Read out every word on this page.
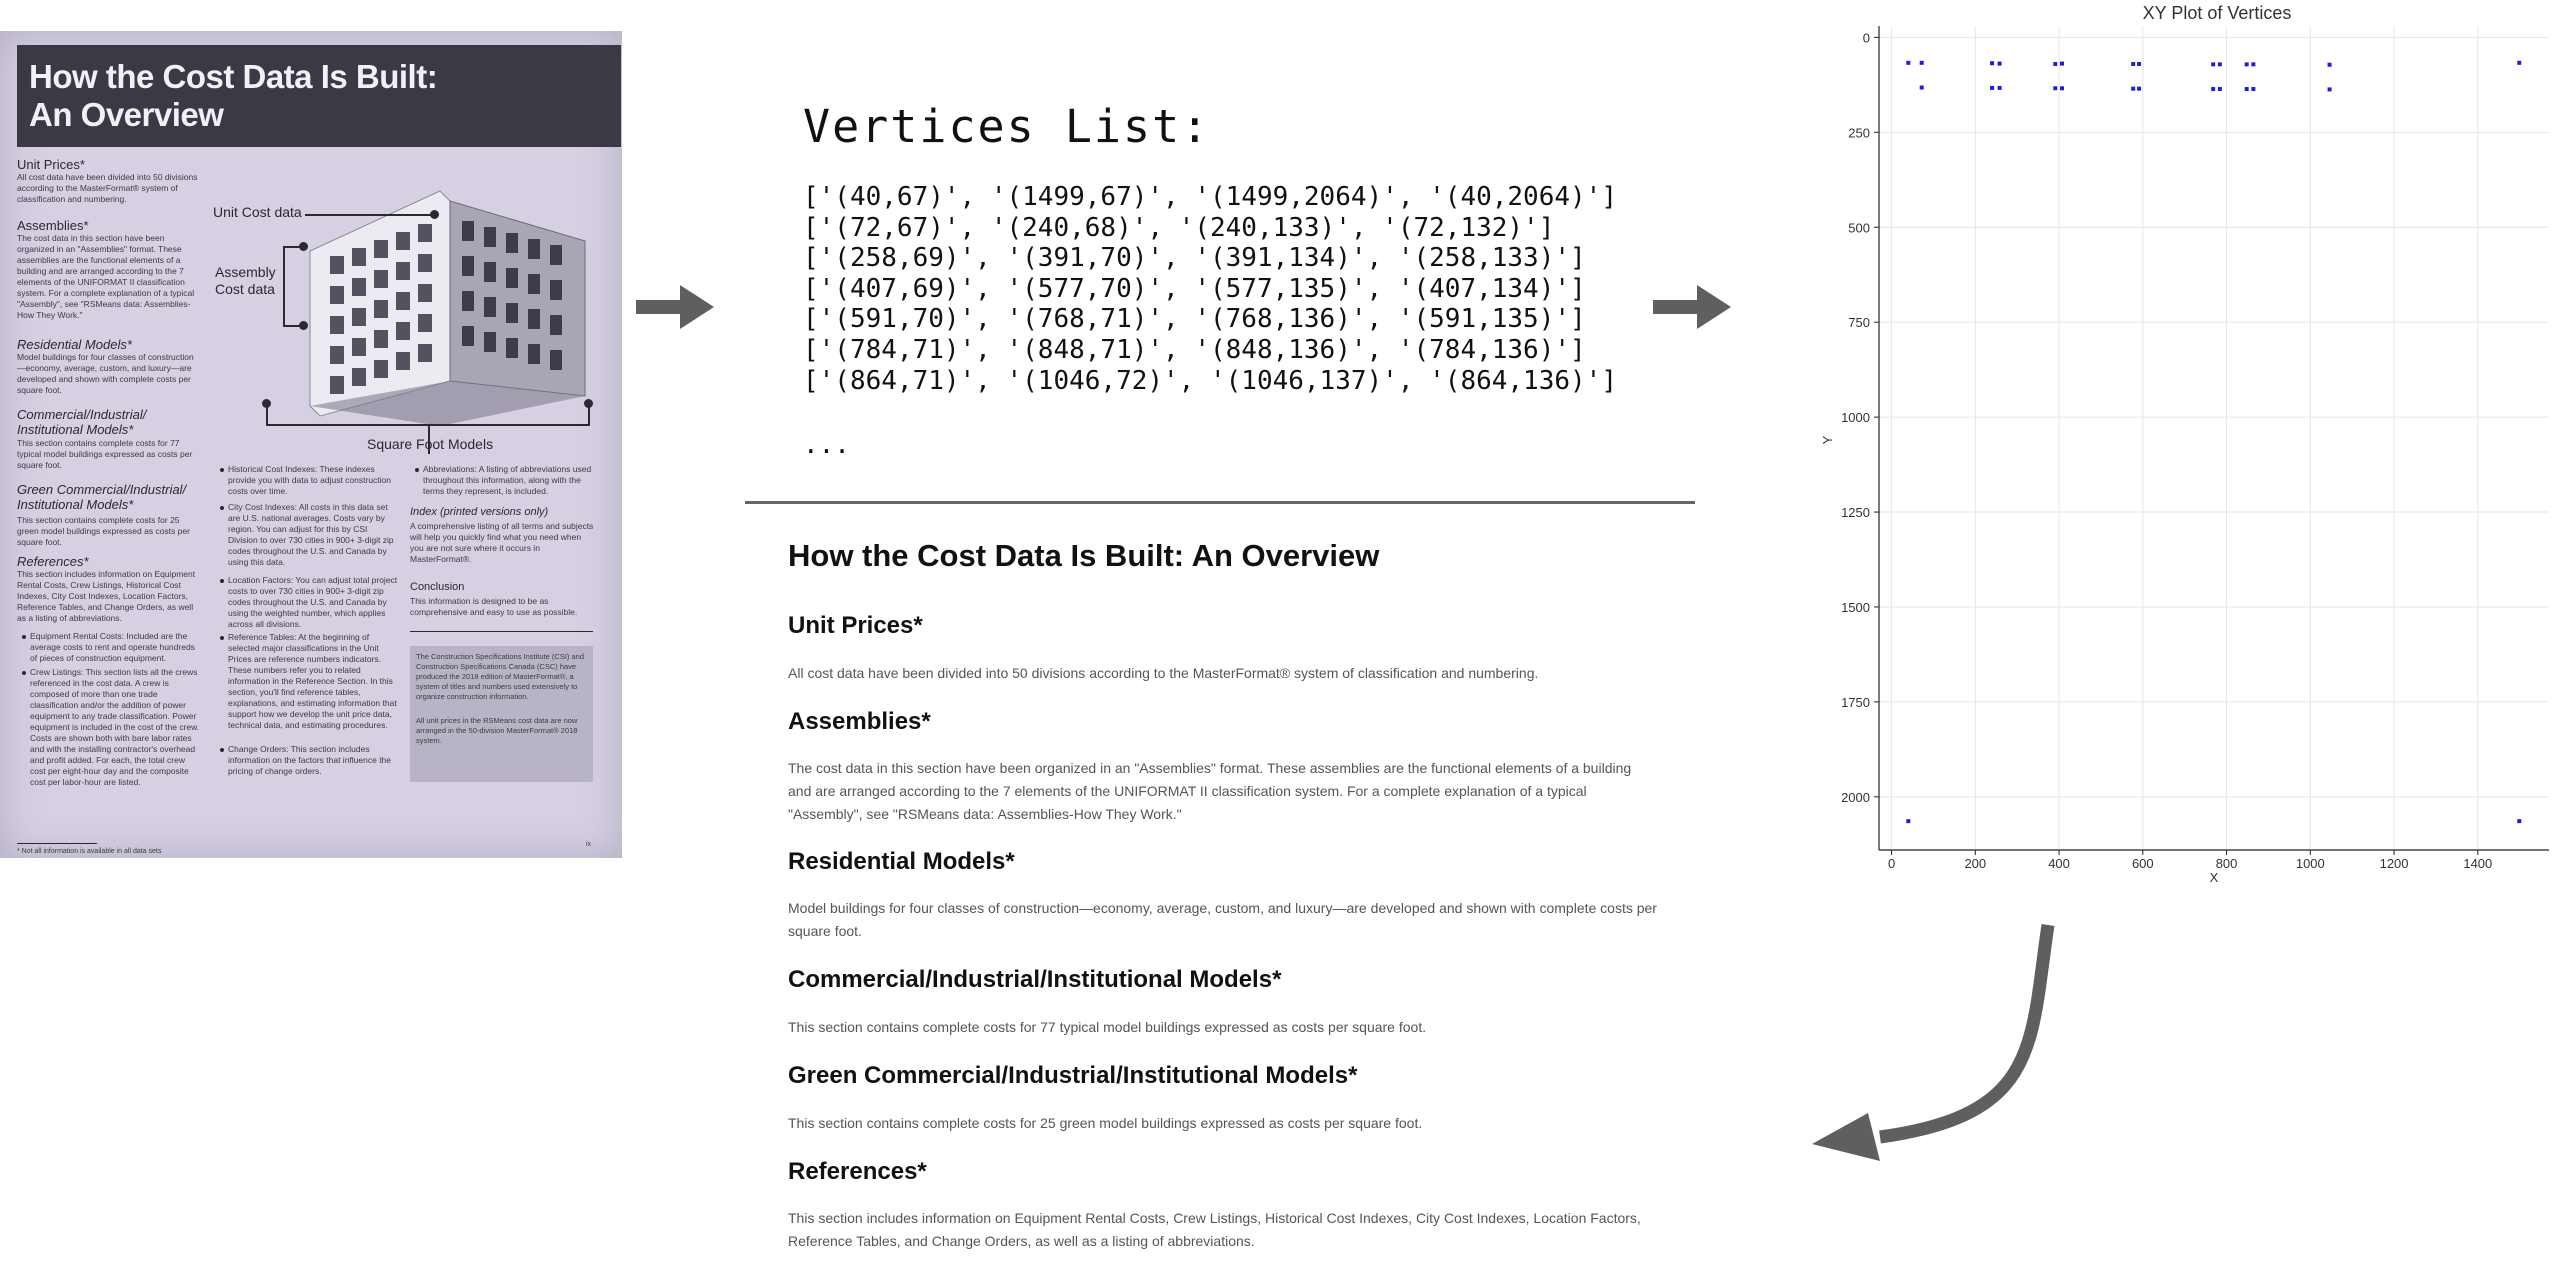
How the Cost Data Is Built:
An Overview
Unit Prices*
All cost data have been divided into 50 divisions according to the MasterFormat® system of classification and numbering.
Assemblies*
The cost data in this section have been organized in an "Assemblies" format. These assemblies are the functional elements of a building and are arranged according to the 7 elements of the UNIFORMAT II classification system. For a complete explanation of a typical "Assembly", see "RSMeans data: Assemblies-How They Work."
Residential Models*
Model buildings for four classes of construction—economy, average, custom, and luxury—are developed and shown with complete costs per square foot.
Commercial/Industrial/ Institutional Models*
This section contains complete costs for 77 typical model buildings expressed as costs per square foot.
Green Commercial/Industrial/ Institutional Models*
This section contains complete costs for 25 green model buildings expressed as costs per square foot.
References*
This section includes information on Equipment Rental Costs, Crew Listings, Historical Cost Indexes, City Cost Indexes, Location Factors, Reference Tables, and Change Orders, as well as a listing of abbreviations.
Equipment Rental Costs: Included are the average costs to rent and operate hundreds of pieces of construction equipment.
Crew Listings: This section lists all the crews referenced in the cost data. A crew is composed of more than one trade classification and/or the addition of power equipment to any trade classification. Power equipment is included in the cost of the crew. Costs are shown both with bare labor rates and with the installing contractor's overhead and profit added. For each, the total crew cost per eight-hour day and the composite cost per labor-hour are listed.
* Not all information is available in all data sets
ix
Unit Cost data
Assembly
Cost data
Square Foot Models
Historical Cost Indexes: These indexes provide you with data to adjust construction costs over time.
City Cost Indexes: All costs in this data set are U.S. national averages. Costs vary by region. You can adjust for this by CSI Division to over 730 cities in 900+ 3-digit zip codes throughout the U.S. and Canada by using this data.
Location Factors: You can adjust total project costs to over 730 cities in 900+ 3-digit zip codes throughout the U.S. and Canada by using the weighted number, which applies across all divisions.
Reference Tables: At the beginning of selected major classifications in the Unit Prices are reference numbers indicators. These numbers refer you to related information in the Reference Section. In this section, you'll find reference tables, explanations, and estimating information that support how we develop the unit price data, technical data, and estimating procedures.
Change Orders: This section includes information on the factors that influence the pricing of change orders.
Abbreviations: A listing of abbreviations used throughout this information, along with the terms they represent, is included.
Index (printed versions only)
A comprehensive listing of all terms and subjects will help you quickly find what you need when you are not sure where it occurs in MasterFormat®.
Conclusion
This information is designed to be as comprehensive and easy to use as possible.
The Construction Specifications Institute (CSI) and Construction Specifications Canada (CSC) have produced the 2018 edition of MasterFormat®, a system of titles and numbers used extensively to organize construction information.
All unit prices in the RSMeans cost data are now arranged in the 50-division MasterFormat® 2018 system.
Vertices List:
['(40,67)', '(1499,67)', '(1499,2064)', '(40,2064)']
['(72,67)', '(240,68)', '(240,133)', '(72,132)']
['(258,69)', '(391,70)', '(391,134)', '(258,133)']
['(407,69)', '(577,70)', '(577,135)', '(407,134)']
['(591,70)', '(768,71)', '(768,136)', '(591,135)']
['(784,71)', '(848,71)', '(848,136)', '(784,136)']
['(864,71)', '(1046,72)', '(1046,137)', '(864,136)']
...
How the Cost Data Is Built: An Overview
Unit Prices*
All cost data have been divided into 50 divisions according to the MasterFormat® system of classification and numbering.
Assemblies*
The cost data in this section have been organized in an "Assemblies" format. These assemblies are the functional elements of a building and are arranged according to the 7 elements of the UNIFORMAT II classification system. For a complete explanation of a typical "Assembly", see "RSMeans data: Assemblies-How They Work."
Residential Models*
Model buildings for four classes of construction—economy, average, custom, and luxury—are developed and shown with complete costs per square foot.
Commercial/Industrial/Institutional Models*
This section contains complete costs for 77 typical model buildings expressed as costs per square foot.
Green Commercial/Industrial/Institutional Models*
This section contains complete costs for 25 green model buildings expressed as costs per square foot.
References*
This section includes information on Equipment Rental Costs, Crew Listings, Historical Cost Indexes, City Cost Indexes, Location Factors, Reference Tables, and Change Orders, as well as a listing of abbreviations.
XY Plot of Vertices
0	200	400	600	800	1000	1200	1400
0
250
500
750
1000
1250
1500
1750
2000
X
Y
